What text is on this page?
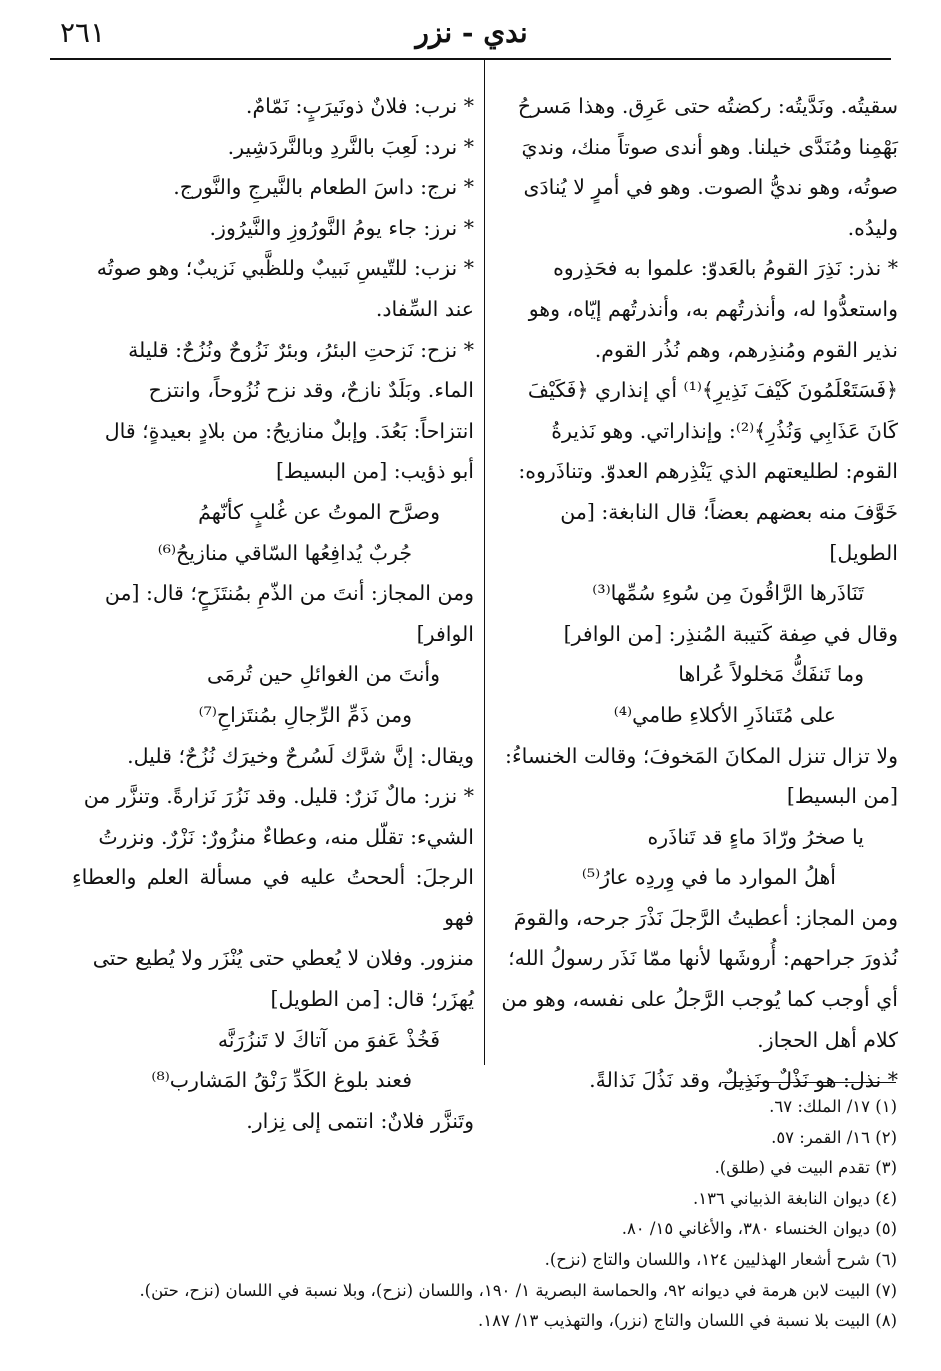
٢٦١	ندي - نزر

سقيتُه. ونَدَّيتُه: ركضتُه حتى عَرِق. وهذا مَسرحُ

بَهْمِنا ومُنَدَّى خيلنا. وهو أندى صوتاً منك، ونديَ

صوتُه، وهو نديُّ الصوت. وهو في أمرٍ لا يُنادَى

وليدُه.

* نذر: نَذِرَ القومُ بالعَدوّ: علموا به فحَذِروه

واستعدُّوا له، وأنذرتُهم به، وأنذرتُهم إيّاه، وهو

نذير القوم ومُنذِرهم، وهم نُذُر القوم.

﴿فَسَتَعْلَمُونَ كَيْفَ نَذِيرِ﴾⁽¹⁾ أي إنذاري ﴿فَكَيْفَ

كَانَ عَذَابِي وَنُذُرِ﴾⁽²⁾: وإنذاراتي. وهو نَذيرةُ

القوم: لطليعتهم الذي يَنْذِرهم العدوّ. وتناذَروه:

خَوَّفَ منه بعضهم بعضاً؛ قال النابغة: [من

الطويل]

تَنَاذَرها الرَّاقُونَ مِن سُوءِ سُمِّها⁽³⁾

وقال في صِفة كَتيبة المُنذِر: [من الوافر]

وما تَنفَكُّ مَخلولاً عُراها

على مُتَناذَرِ الأكلاءِ طامي⁽⁴⁾

ولا تزال تنزل المكانَ المَخوفَ؛ وقالت الخنساءُ:

[من البسيط]

يا صخرُ ورّادَ ماءٍ قد تَناذَره

أهلُ الموارد ما في وِردِه عارُ⁽⁵⁾

ومن المجاز: أعطيتُ الرَّجلَ نَذْرَ جرحه، والقومَ

نُذورَ جراحهم: أُروشَها لأنها ممّا نَذَر رسولُ الله؛

أي أوجب كما يُوجب الرَّجلُ على نفسه، وهو من

كلام أهل الحجاز.

* نذل: هو نَذْلٌ ونَذِيلٌ، وقد نَذُلَ نَذالةً.

* نرب: فلانٌ ذونَيرَبٍ: نَمّامٌ.

* نرد: لَعِبَ بالنَّردِ وبالنَّردَشِير.

* نرج: داسَ الطعام بالنَّيرجِ والنَّورج.

* نرز: جاء يومُ النَّورُوزِ والنَّيرُوز.

* نزب: للتّيسِ نَبيبٌ وللظَّبي نَزيبٌ؛ وهو صوتُه

عند السِّفاد.

* نزح: نَزحتِ البئرُ، وبئرٌ نَزُوحٌ ونُزُحٌ: قليلة

الماء. وبَلَدٌ نازحٌ، وقد نزح نُزُوحاً، وانتزح

انتزاحاً: بَعُدَ. وإبلٌ منازيحُ: من بلادٍ بعيدةٍ؛ قال

أبو ذؤيب: [من البسيط]

وصرَّح الموتُ عن غُلبٍ كأنّهمُ

جُربٌ يُدافِعُها السّاقي منازيحُ⁽⁶⁾

ومن المجاز: أنتَ من الذّمِ بمُنتَزَحٍ؛ قال: [من

الوافر]

وأنتَ من الغوائلِ حين تُرمَى

ومن ذَمِّ الرِّجالِ بمُنتَزاحِ⁽⁷⁾

ويقال: إنَّ شرَّك لَسُرحٌ وخيرَك نُزُحٌ؛ قليل.

* نزر: مالٌ نَزرٌ: قليل. وقد نَزُرَ نَزارةً. وتنزَّر من

الشيء: تقلّل منه، وعطاءٌ منزُورٌ: نَزْرٌ. ونزرتُ

الرجلَ: ألححتُ عليه في مسألة العلم والعطاءِ فهو

منزور. وفلان لا يُعطي حتى يُنْزَر ولا يُطيع حتى

يُهزَر؛ قال: [من الطويل]

فَخُذْ عَفوَ من آتاكَ لا تَنزُرَنَّه

فعند بلوغ الكَدِّ رَنْقُ المَشارب⁽⁸⁾

وتَنزَّر فلانٌ: انتمى إلى نِزار.

(١) ١٧/ الملك: ٦٧.
(٢) ١٦/ القمر: ٥٧.
(٣) تقدم البيت في (طلق).
(٤) ديوان النابغة الذبياني ١٣٦.
(٥) ديوان الخنساء ٣٨٠، والأغاني ١٥/ ٨٠.
(٦) شرح أشعار الهذليين ١٢٤، واللسان والتاج (نزح).
(٧) البيت لابن هرمة في ديوانه ٩٢، والحماسة البصرية ١/ ١٩٠، واللسان (نزح)، وبلا نسبة في اللسان (نزح، حتن).
(٨) البيت بلا نسبة في اللسان والتاج (نزر)، والتهذيب ١٣/ ١٨٧.
